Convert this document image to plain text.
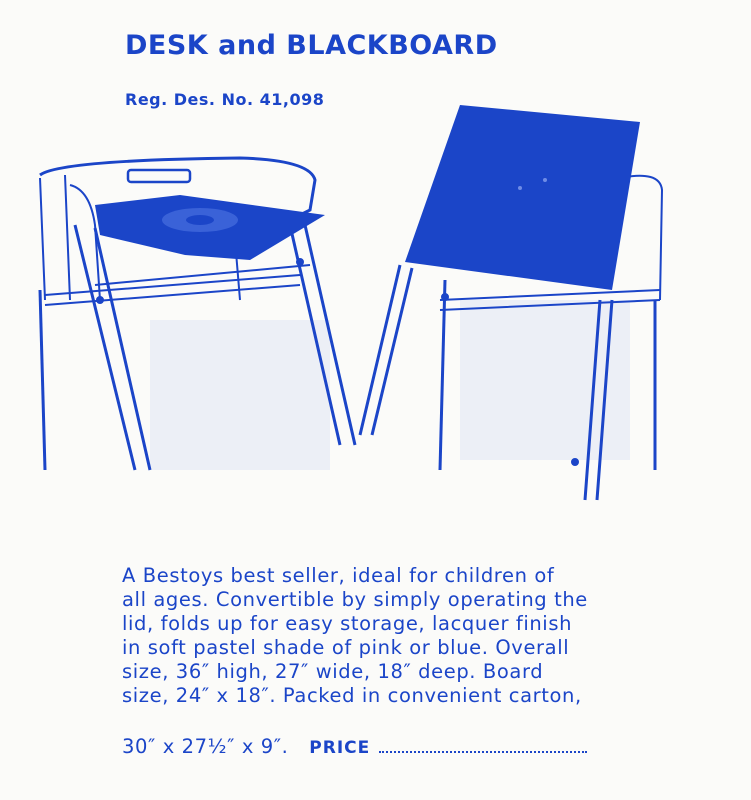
DESK and BLACKBOARD
Reg. Des. No. 41,098
A Bestoys best seller, ideal for children of
all ages. Convertible by simply operating the
lid, folds up for easy storage, lacquer finish
in soft pastel shade of pink or blue. Overall
size, 36″ high, 27″ wide, 18″ deep. Board
size, 24″ x 18″. Packed in convenient carton,
30″ x 27½″ x 9″. PRICE
